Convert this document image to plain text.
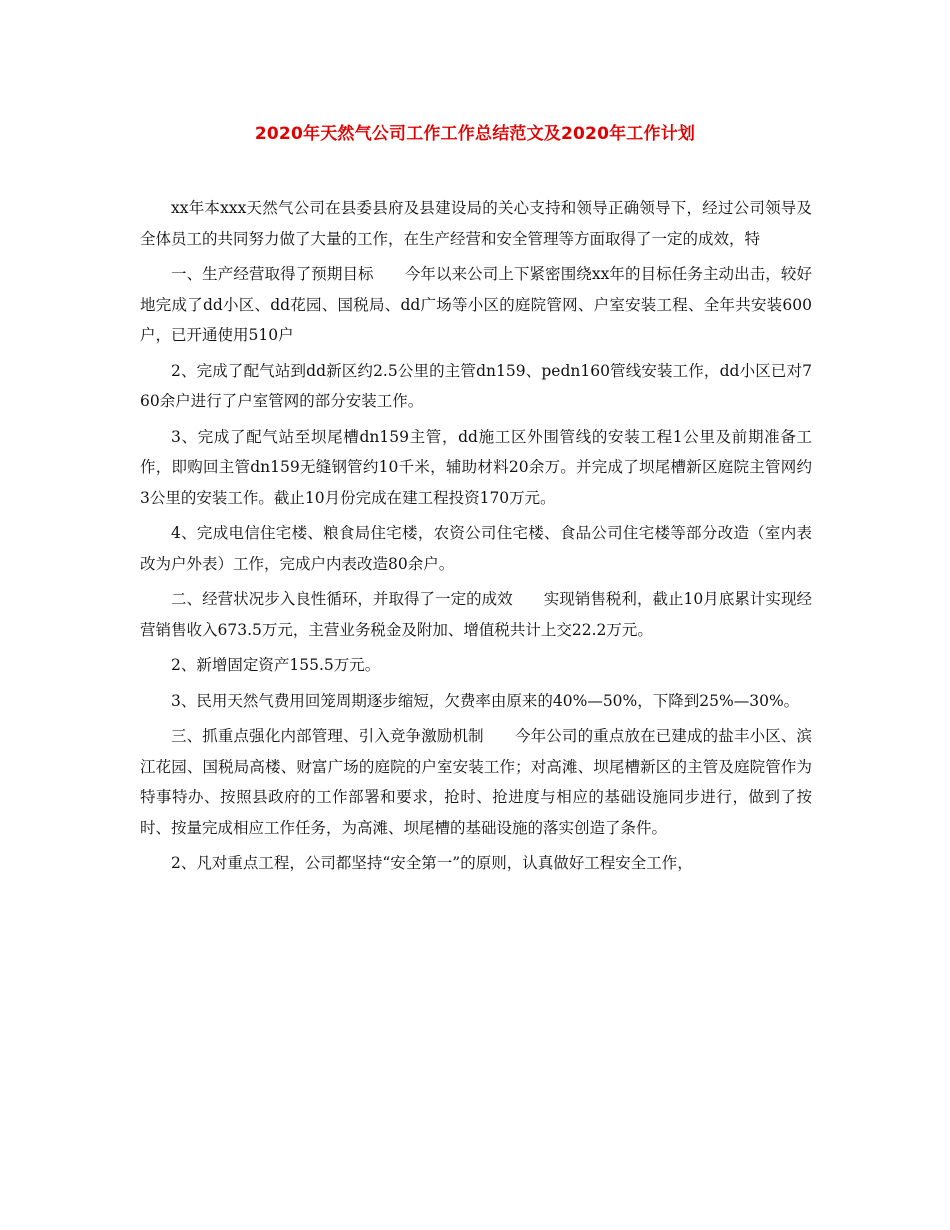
2020年天然气公司工作工作总结范文及2020年工作计划

xx年本xxx天然气公司在县委县府及县建设局的关心支持和领导正确领导下，经过公司领导及全体员工的共同努力做了大量的工作，在生产经营和安全管理等方面取得了一定的成效，特

一、生产经营取得了预期目标　　今年以来公司上下紧密围绕xx年的目标任务主动出击，较好地完成了dd小区、dd花园、国税局、dd广场等小区的庭院管网、户室安装工程、全年共安装600户，已开通使用510户

2、完成了配气站到dd新区约2.5公里的主管dn159、pedn160管线安装工作，dd小区已对760余户进行了户室管网的部分安装工作。

3、完成了配气站至坝尾槽dn159主管，dd施工区外围管线的安装工程1公里及前期准备工作，即购回主管dn159无缝钢管约10千米，辅助材料20余万。并完成了坝尾槽新区庭院主管网约3公里的安装工作。截止10月份完成在建工程投资170万元。

4、完成电信住宅楼、粮食局住宅楼，农资公司住宅楼、食品公司住宅楼等部分改造（室内表改为户外表）工作，完成户内表改造80余户。

二、经营状况步入良性循环，并取得了一定的成效　　实现销售税利，截止10月底累计实现经营销售收入673.5万元，主营业务税金及附加、增值税共计上交22.2万元。

2、新增固定资产155.5万元。

3、民用天然气费用回笼周期逐步缩短，欠费率由原来的40%—50%，下降到25%—30%。

三、抓重点强化内部管理、引入竞争激励机制　　今年公司的重点放在已建成的盐丰小区、滨江花园、国税局高楼、财富广场的庭院的户室安装工作；对高滩、坝尾槽新区的主管及庭院管作为特事特办、按照县政府的工作部署和要求，抢时、抢进度与相应的基础设施同步进行，做到了按时、按量完成相应工作任务，为高滩、坝尾槽的基础设施的落实创造了条件。

2、凡对重点工程，公司都坚持“安全第一”的原则，认真做好工程安全工作，
